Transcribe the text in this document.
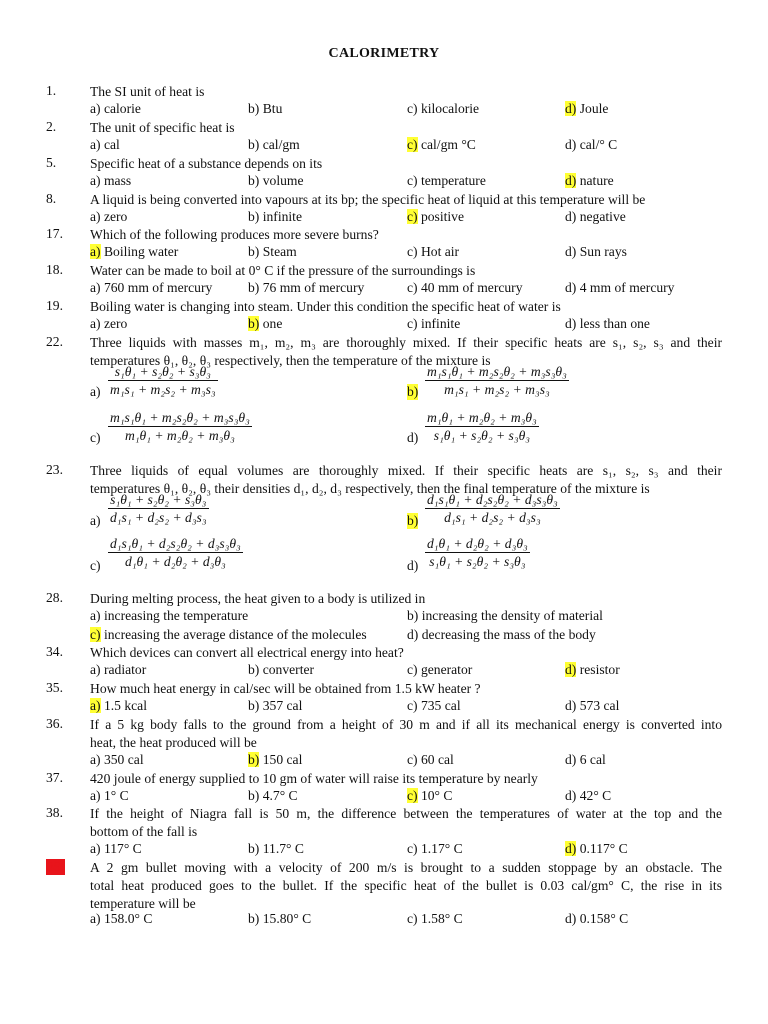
CALORIMETRY
1. The SI unit of heat is
a) calorie	b) Btu	c) kilocalorie	d) Joule
2. The unit of specific heat is
a) cal	b) cal/gm	c) cal/gm °C	d) cal/° C
5. Specific heat of a substance depends on its
a) mass	b) volume	c) temperature	d) nature
8. A liquid is being converted into vapours at its bp; the specific heat of liquid at this temperature will be
a) zero	b) infinite	c) positive	d) negative
17. Which of the following produces more severe burns?
a) Boiling water	b) Steam	c) Hot air	d) Sun rays
18. Water can be made to boil at 0° C if the pressure of the surroundings is
a) 760 mm of mercury	b) 76 mm of mercury	c) 40 mm of mercury	d) 4 mm of mercury
19. Boiling water is changing into steam. Under this condition the specific heat of water is
a) zero	b) one	c) infinite	d) less than one
22. Three liquids with masses m₁, m₂, m₃ are thoroughly mixed. If their specific heats are s₁, s₂, s₃ and their
temperatures θ₁, θ₂, θ₃ respectively, then the temperature of the mixture is
$a) \frac{\text{s₁θ₁ + s₂θ₂ + s₃θ₃}}{\text{m₁s₁ + m₂s₂ + m₃s₃}}$	$b) \frac{\text{m₁s₁θ₁ + m₂s₂θ₂ + m₃s₃θ₃}}{\text{m₁s₁ + m₂s₂ + m₃s₃}}$
$c) \frac{\text{m₁s₁θ₁ + m₂s₂θ₂ + m₃s₃θ₃}}{\text{m₁θ₁ + m₂θ₂ + m₃θ₃}}$	$d) \frac{\text{m₁θ₁ + m₂θ₂ + m₃θ₃}}{\text{s₁θ₁ + s₂θ₂ + s₃θ₃}}$
23. Three liquids of equal volumes are thoroughly mixed. If their specific heats are s₁, s₂, s₃ and their
temperatures θ₁, θ₂, θ₃ their densities d₁, d₂, d₃ respectively, then the final temperature of the mixture is
$a) \frac{\text{s₁θ₁ + s₂θ₂ + s₃θ₃}}{\text{d₁s₁ + d₂s₂ + d₃s₃}}$	$b) \frac{\text{d₁s₁θ₁ + d₂s₂θ₂ + d₃s₃θ₃}}{\text{d₁s₁ + d₂s₂ + d₃s₃}}$
$c) \frac{\text{d₁s₁θ₁ + d₂s₂θ₂ + d₃s₃θ₃}}{\text{d₁θ₁ + d₂θ₂ + d₃θ₃}}$	$d) \frac{\text{d₁θ₁ + d₂θ₂ + d₃θ₃}}{\text{s₁θ₁ + s₂θ₂ + s₃θ₃}}$
28. During melting process, the heat given to a body is utilized in
a) increasing the temperature	b) increasing the density of material
c) increasing the average distance of the molecules	d) decreasing the mass of the body
34. Which devices can convert all electrical energy into heat?
a) radiator	b) converter	c) generator	d) resistor
35. How much heat energy in cal/sec will be obtained from 1.5 kW heater ?
a) 1.5 kcal	b) 357 cal	c) 735 cal	d) 573 cal
36. If a 5 kg body falls to the ground from a height of 30 m and if all its mechanical energy is converted into
heat, the heat produced will be
a) 350 cal	b) 150 cal	c) 60 cal	d) 6 cal
37. 420 joule of energy supplied to 10 gm of water will raise its temperature by nearly
a) 1° C	b) 4.7° C	c) 10° C	d) 42° C
38. If the height of Niagra fall is 50 m, the difference between the temperatures of water at the top and the
bottom of the fall is
a) 117° C	b) 11.7° C	c) 1.17° C	d) 0.117° C
39. A 2 gm bullet moving with a velocity of 200 m/s is brought to a sudden stoppage by an obstacle. The
total heat produced goes to the bullet. If the specific heat of the bullet is 0.03 cal/gm° C, the rise in its
temperature will be
a) 158.0° C	b) 15.80° C	c) 1.58° C	d) 0.158° C
